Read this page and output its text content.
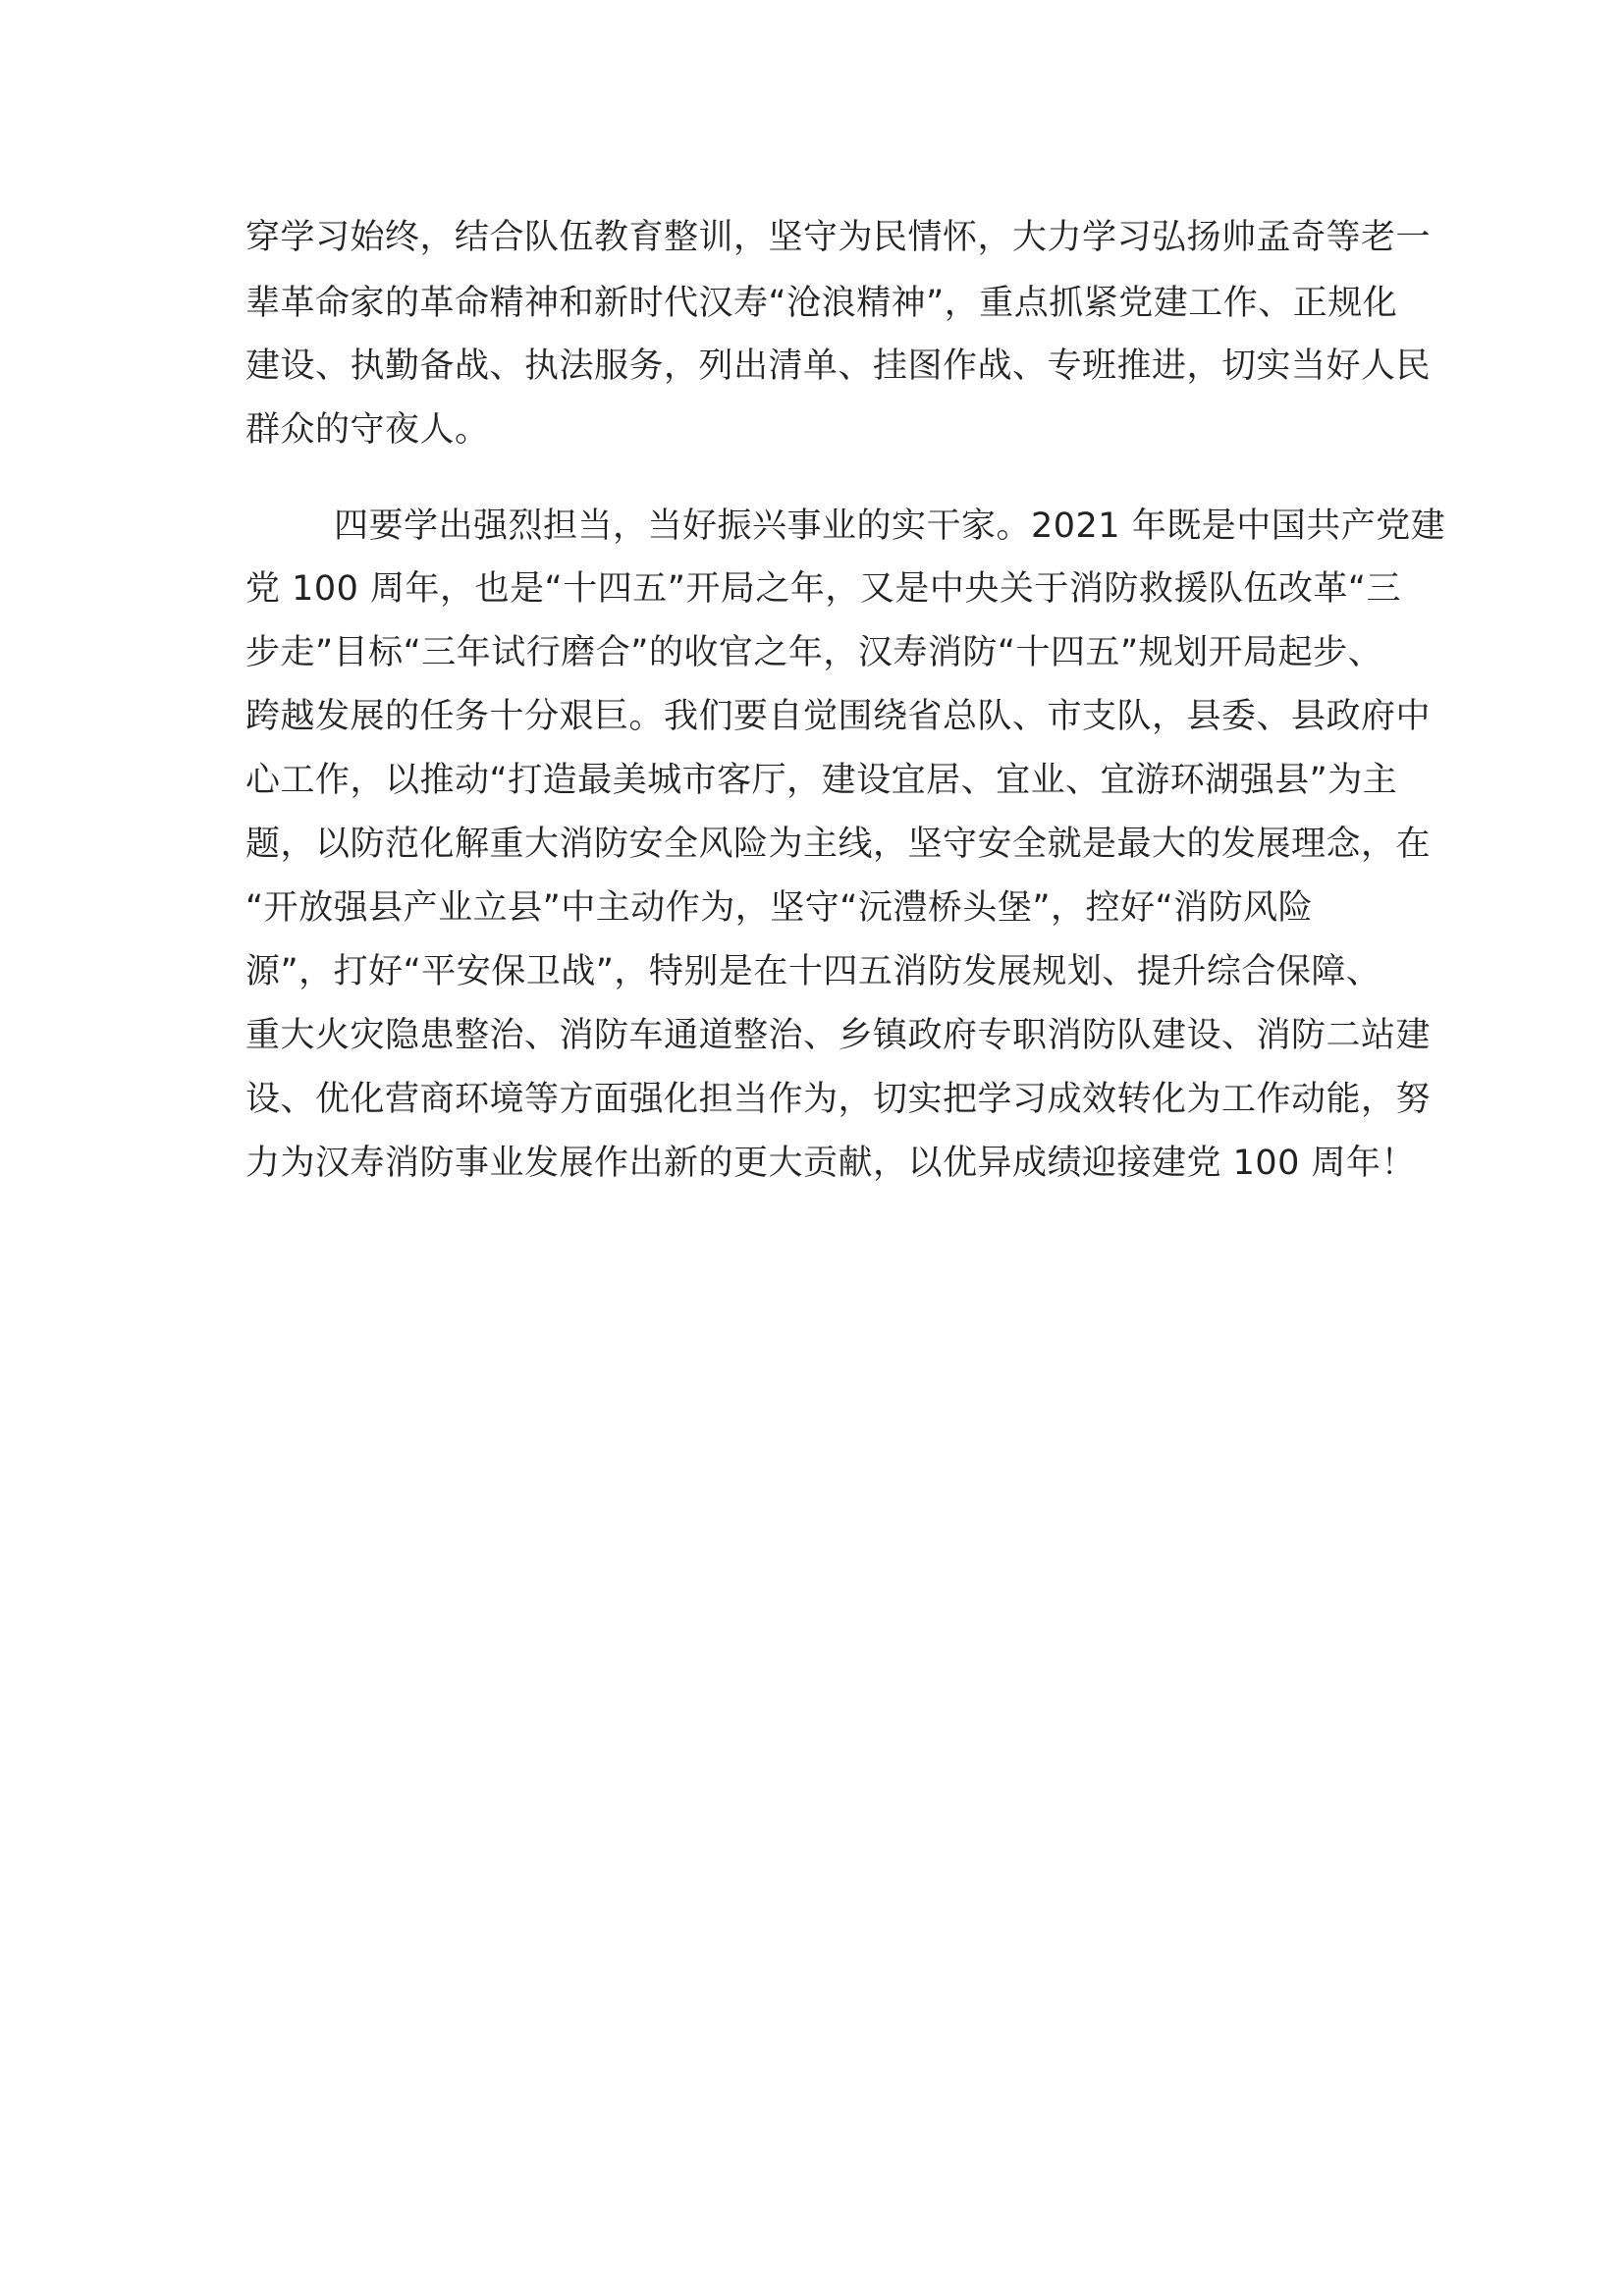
穿学习始终，结合队伍教育整训，坚守为民情怀，大力学习弘扬帅孟奇等老一

辈革命家的革命精神和新时代汉寿“沧浪精神”，重点抓紧党建工作、正规化

建设、执勤备战、执法服务，列出清单、挂图作战、专班推进，切实当好人民

群众的守夜人。

四要学出强烈担当，当好振兴事业的实干家。2021 年既是中国共产党建

党 100 周年，也是“十四五”开局之年，又是中央关于消防救援队伍改革“三

步走”目标“三年试行磨合”的收官之年，汉寿消防“十四五”规划开局起步、

跨越发展的任务十分艰巨。我们要自觉围绕省总队、市支队，县委、县政府中

心工作，以推动“打造最美城市客厅，建设宜居、宜业、宜游环湖强县”为主

题，以防范化解重大消防安全风险为主线，坚守安全就是最大的发展理念，在

“开放强县产业立县”中主动作为，坚守“沅澧桥头堡”，控好“消防风险

源”，打好“平安保卫战”，特别是在十四五消防发展规划、提升综合保障、

重大火灾隐患整治、消防车通道整治、乡镇政府专职消防队建设、消防二站建

设、优化营商环境等方面强化担当作为，切实把学习成效转化为工作动能，努

力为汉寿消防事业发展作出新的更大贡献，以优异成绩迎接建党 100 周年！
